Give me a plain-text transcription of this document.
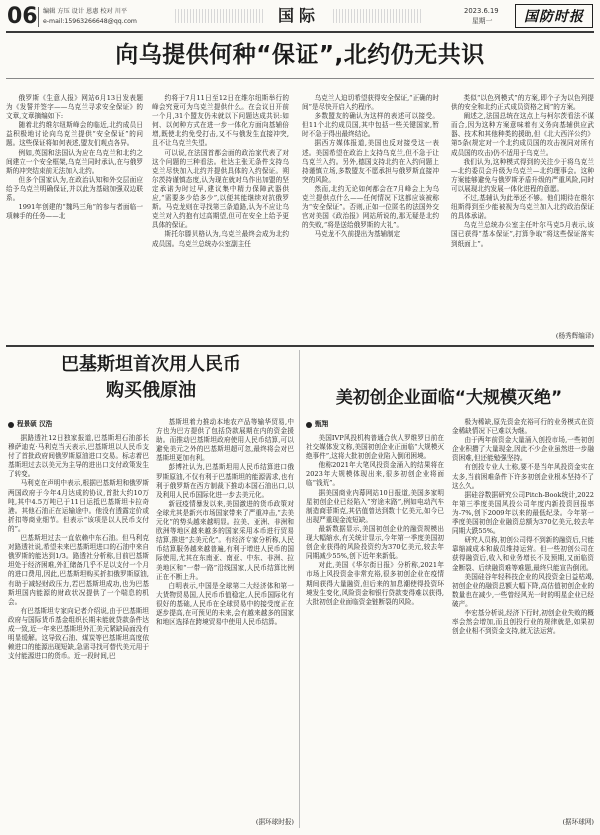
06 编辑 方压 设计 恩惠 校对 川平
e-mail:15963266648@qq.com	国际	2023.6.19
星期一 国防时报
向乌提供何种“保证”,北约仍无共识

俄罗斯《生意人报》网站6月13日发表题为《发誓并签字——乌克兰寻求安全保证》的文章,文章摘编如下:

随着北约维尔纽斯峰会的临近,北约成员日益积极地讨论向乌克兰提供“安全保证”的问题。这些保证将如何表述,盟友们观点各异。

例如,英国和法国认为应在乌克兰和北约之间建立一个安全框架,乌克兰同时承认,在与俄罗斯的冲突结束前无法加入北约。

但多个国家认为,在政治认知和外交层面应给予乌克兰明确保证,并以此为基础加强双边联系。

1991年创建的“魏玛三角”的参与者面临一项棘手的任务——北

约将于7月11日至12日在维尔纽斯举行的峰会究竟可为乌克兰提供什么。在会议日开前一个月,31个盟友仍未就以下问题达成共识:如何、以何种方式在进一步一体化方面向基辅倍增,既使北约免受打击,又不与俄发生直接冲突,且不让乌克兰失望。

可以说,在法国首都会面的政治家代表了对这个问题的三种看法。杜达主张无条件支持乌克兰尽快加入北约并提供具体的入约保证。朔尔茨持谨慎态度,认为现在就对乌作出加盟的坚定承诺为时过早,建议集中精力保障武器供应,“需要多少给多少”,以便其能继续对抗俄罗斯。马克龙则在寻找第三条道路,认为不应让乌克兰对入约抱有过高期望,但可在安全上给予更具体的保证。

斯托尔滕贝格认为,乌克兰最终会成为北约成员国。乌克兰总统办公室副主任

乌克兰人迫切希望获得安全保证,“正确的时间”是尽快开启入约程序。

多数盟友的确认为这样的表述可以接受。但11个北约成员国,其中包括一些关键国家,暂时不急于得出最终结论。

据西方媒体报道,美国也反对接受这一表述。美国希望在政治上支持乌克兰,但不急于让乌克兰入约。另外,德国支持北约在入约问题上持谨慎立场,多数盟友不愿承担与俄罗斯直接冲突的风险。

然而,北约无论如何都会在7月峰会上为乌克兰提供点什么——任何情况下这都应该被称为“安全保证”。否则,正如一位匿名的法国外交官对美国《政治报》网站所说的,那无疑是北约的失败,“将是送给俄罗斯的大礼”。

马克龙不久前提出为基辅制定

类似“以色列模式”的方案,即个子为以色列提供的安全和北约正式成员资格之间”的方案。

阐述之,法国总统在这点上与柯尔茨看法不谋而合,因为这种方案意味着有义务向基辅供应武器、技术和其他种类的援助,但《北大西洋公约》第5条(规定对一个北约成员国的攻击视同对所有成员国的攻击)仍不适用于乌克兰。

我们认为,这种模式得到的关注少于将乌克兰—北约委员会升级为乌克兰—北约理事会。这种方案能够避免与俄罗斯矛盾升级的严重风险,同时可以展现北约发展一体化进程的意愿。

不过,基辅认为此举还不够。他们期待在维尔纽斯得到至少能被视为乌克兰加入北约政治保证的具体承诺。

乌克兰总统办公室主任叶尔马克5月表示,该国已获得“基本保证”,打算争取“将这些保证落实到纸面上”。

(杨秀辉编译)
巴基斯坦首次用人民币
购买俄原油
程景硕 汉浩

据路透社12日独家报道,巴基斯坦石油部长穆萨迪克·马利克当天表示,巴基斯坦以人民币支付了首批政府间俄罗斯原油进口交易。标志着巴基斯坦过去以美元为主导的进出口支付政策发生了转变。

马利克在声明中表示,根据巴基斯坦和俄罗斯两国政府于今年4月达成的协议,首批大约10万吨,其中4.5万吨已于11日运抵巴基斯坦卡拉奇港。其他石油正在运输途中。他没有透露定价或折扣等商业细节。但表示“该项是以人民币支付的”。

巴基斯坦过去一直依赖中东石油。但马利克对路透社说,希望未来巴基斯坦进口的石油中来自俄罗斯的能达到1/3。路透社分析称,目前巴基斯坦处于经济困难,外汇储备几乎不足以支付一个月的进口费用,因此,巴基斯坦购买折扣俄罗斯原油,有助于减轻财政压力,若巴基斯坦成功,也为巴基斯坦国内能源的财政状况提供了一个喘息的机会。

有巴基斯坦专家向记者介绍说,由于巴基斯坦政府与国际货币基金组织长期未能就贷款条件达成一致,近一年来巴基斯坦外汇美元紧缺局面没有明显缓解。这导致石油、煤炭等巴基斯坦高度依赖进口的能源出现短缺,急需寻找可替代美元用于支付能源进口的货币。近一段时间,巴

基斯坦着力推动本地农产品等输华贸易,中方也为巴方提供了包括贷款展期在内的资金援助。而推动巴基斯坦政府使用人民币结算,可以避免美元之外的巴基斯坦超可忽,最终将会对巴基斯坦更加有利。

彭博社认为,巴基斯坦用人民币结算进口俄罗斯原油,不仅有利于巴基斯坦的能源需求,也有利于俄罗斯在西方制裁下推动本国石油出口,以及利用人民币国际化进一步去美元化。

新冠疫情暴发以来,美国激进的货币政策对全球尤其是新兴市场国家带来了严重冲击,“去美元化”的势头越来越明显。拉美、亚洲、非洲和欧洲等地区越来越多的国家采用本币进行贸易结算,推进“去美元化”。有经济专家分析称,人民币结算服务越来越普遍,有利于增进人民币的国际使用,尤其在东南亚、南亚、中东、非洲、拉美地区和“一带一路”沿线国家,人民币结算比例正在不断上升。

白明表示,中国是全球第二大经济体和第一大货物贸易国,人民币币值稳定,人民币国际化有很好的基础,人民币在全球贸易中的接受度正在逐步提高,在可预见的未来,会有越来越多的国家和地区选择在跨境贸易中使用人民币结算。

(据环球时报)
美初创企业面临“大规模灭绝”
甄翔

美国IVP风投机构普通合伙人罗维罗日前在社交媒体发文称,美国初创企业正面临“大规模灭绝事件”,这将大批初创企业陷入倒闭困境。

他称2021年大笔风投资金涌入的结果将在2023年大规模体现出来,很多初创企业将面临“钱荒”。

据美国商业内幕网站10日报道,美国多家明星初创企业已经陷入“穷途末路”,例如电动汽车制造商菲斯克,其估值曾达到数十亿美元,如今已出现严重现金流短缺。

最新数据显示,美国初创企业的融资规模出现大幅缩水,有关统计显示,今年第一季度美国初创企业获得的风险投资约为370亿美元,较去年同期减少55%,创下近年来新低。

对此,美国《华尔街日报》分析称,2021年市场上风投资金非常充裕,很多初创企业在疫情期间获得大量融资,但后来的加息潮使得投资环境发生变化,风险资金和银行贷款变得难以获得,大批初创企业面临资金链断裂的风险。

极为稀缺,原先资金充裕可行的业务模式在资金稀缺情况下已难以为继。

由于两年前资金大量涌入创投市场,一些初创企业积攒了大量现金,因此不少企业虽然进一步融资困难,但还能勉强坚持。

有创投专业人士称,要不是当年风投资金实在太多,当前困难条件下许多初创企业根本坚持不了这么久。

据硅谷数据研究公司Pitch-Book统计,2022年第三季度美国风投公司年度内新投资回报率为-7%,创下2009年以来的最低纪录。今年第一季度美国初创企业融资总额为370亿美元,较去年同期大跌55%。

研究人员称,初创公司得不到新的融资后,只能靠缩减成本和裁员维持运营。但一些初创公司在获得融资后,收入和业务增长不及预期,又面临资金断裂、后续融资难等难题,最终只能宣告倒闭。

美国硅谷年轻科技企业的风投资金日益枯竭,初创企业的融资总额大幅下降,高估值初创企业的数量也在减少,一些曾经风光一时的明星企业已经破产。

李宏基分析说,经济下行时,初创企业失败的概率会然会增加,而且创投行业的规律就是,如果初创企业相不到资金支持,就无法运营。

(据环球网)
